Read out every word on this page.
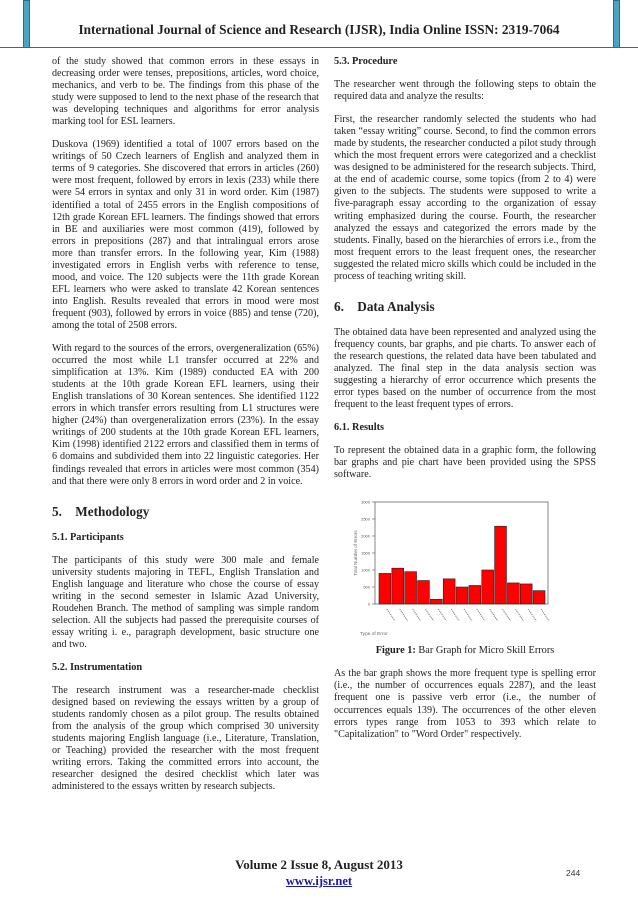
International Journal of Science and Research (IJSR), India Online ISSN: 2319-7064

of the study showed that common errors in these essays in decreasing order were tenses, prepositions, articles, word choice, mechanics, and verb to be. The findings from this phase of the study were supposed to lend to the next phase of the research that was developing techniques and algorithms for error analysis marking tool for ESL learners.

Duskova (1969) identified a total of 1007 errors based on the writings of 50 Czech learners of English and analyzed them in terms of 9 categories. She discovered that errors in articles (260) were most frequent, followed by errors in lexis (233) while there were 54 errors in syntax and only 31 in word order. Kim (1987) identified a total of 2455 errors in the English compositions of 12th grade Korean EFL learners. The findings showed that errors in BE and auxiliaries were most common (419), followed by errors in prepositions (287) and that intralingual errors arose more than transfer errors. In the following year, Kim (1988) investigated errors in English verbs with reference to tense, mood, and voice. The 120 subjects were the 11th grade Korean EFL learners who were asked to translate 42 Korean sentences into English. Results revealed that errors in mood were most frequent (903), followed by errors in voice (885) and tense (720), among the total of 2508 errors.

With regard to the sources of the errors, overgeneralization (65%) occurred the most while L1 transfer occurred at 22% and simplification at 13%. Kim (1989) conducted EA with 200 students at the 10th grade Korean EFL learners, using their English translations of 30 Korean sentences. She identified 1122 errors in which transfer errors resulting from L1 structures were higher (24%) than overgeneralization errors (23%). In the essay writings of 200 students at the 10th grade Korean EFL learners, Kim (1998) identified 2122 errors and classified them in terms of 6 domains and subdivided them into 22 linguistic categories. Her findings revealed that errors in articles were most common (354) and that there were only 8 errors in word order and 2 in voice.

5. Methodology
5.1. Participants

The participants of this study were 300 male and female university students majoring in TEFL, English Translation and English language and literature who chose the course of essay writing in the second semester in Islamic Azad University, Roudehen Branch. The method of sampling was simple random selection. All the subjects had passed the prerequisite courses of essay writing i. e., paragraph development, basic structure one and two.

5.2. Instrumentation

The research instrument was a researcher-made checklist designed based on reviewing the essays written by a group of students randomly chosen as a pilot group. The results obtained from the analysis of the group which comprised 30 university students majoring English language (i.e., Literature, Translation, or Teaching) provided the researcher with the most frequent writing errors. Taking the committed errors into account, the researcher designed the desired checklist which later was administered to the essays written by research subjects.

5.3. Procedure

The researcher went through the following steps to obtain the required data and analyze the results:

First, the researcher randomly selected the students who had taken “essay writing” course. Second, to find the common errors made by students, the researcher conducted a pilot study through which the most frequent errors were categorized and a checklist was designed to be administered for the research subjects. Third, at the end of academic course, some topics (from 2 to 4) were given to the subjects. The students were supposed to write a five-paragraph essay according to the organization of essay writing emphasized during the course. Fourth, the researcher analyzed the essays and categorized the errors made by the students. Finally, based on the hierarchies of errors i.e., from the most frequent errors to the least frequent ones, the researcher suggested the related micro skills which could be included in the process of teaching writing skill.

6. Data Analysis

The obtained data have been represented and analyzed using the frequency counts, bar graphs, and pie charts. To answer each of the research questions, the related data have been tabulated and analyzed. The final step in the data analysis section was suggesting a hierarchy of error occurrence which presents the error types based on the number of occurrence from the most frequent to the least frequent types of errors.

6.1. Results

To represent the obtained data in a graphic form, the following bar graphs and pie chart have been provided using the SPSS software.

0
500
1000
1500
2000
2500
3000
Total Number of Errors
Type of Error
Figure 1: Bar Graph for Micro Skill Errors

As the bar graph shows the more frequent type is spelling error (i.e., the number of occurrences equals 2287), and the least frequent one is passive verb error (i.e., the number of occurrences equals 139). The occurrences of the other eleven errors types range from 1053 to 393 which relate to "Capitalization" to "Word Order" respectively.

Volume 2 Issue 8, August 2013
www.ijsr.net
244
